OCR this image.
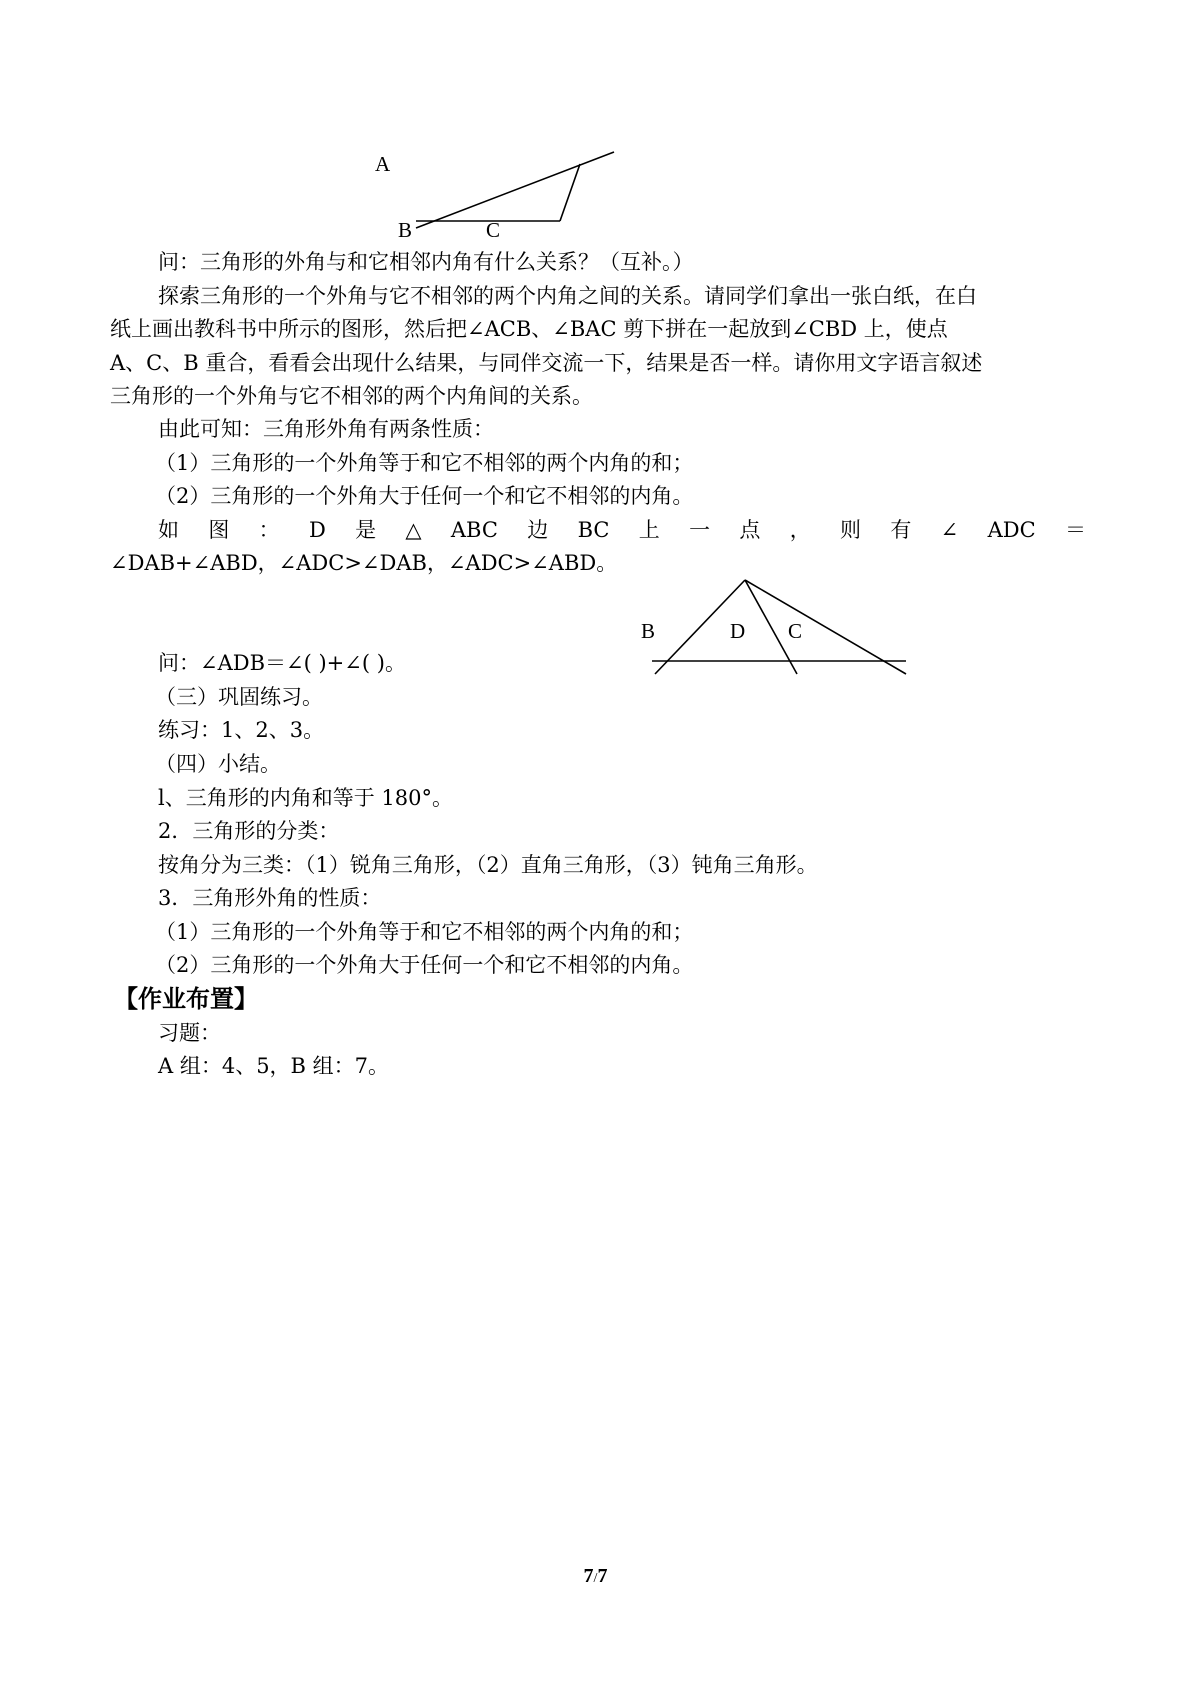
A
B	C
问：三角形的外角与和它相邻内角有什么关系？（互补。）
探索三角形的一个外角与它不相邻的两个内角之间的关系。请同学们拿出一张白纸，在白
纸上画出教科书中所示的图形，然后把∠ACB、∠BAC 剪下拼在一起放到∠CBD 上，使点
A、C、B 重合，看看会出现什么结果，与同伴交流一下，结果是否一样。请你用文字语言叙述
三角形的一个外角与它不相邻的两个内角间的关系。
由此可知：三角形外角有两条性质：
（1）三角形的一个外角等于和它不相邻的两个内角的和；
（2）三角形的一个外角大于任何一个和它不相邻的内角。
如 图 ： D 是 △ ABC 边 BC 上 一 点 ， 则 有 ∠ ADC ＝
∠DAB+∠ABD，∠ADC>∠DAB，∠ADC>∠ABD。
B	D C
问：∠ADB＝∠( )+∠( )。
（三）巩固练习。
练习：1、2、3。
（四）小结。
l、三角形的内角和等于 180°。
2．三角形的分类：
按角分为三类：（1）锐角三角形，（2）直角三角形，（3）钝角三角形。
3．三角形外角的性质：
（1）三角形的一个外角等于和它不相邻的两个内角的和；
（2）三角形的一个外角大于任何一个和它不相邻的内角。
【作业布置】
习题：
A 组：4、5，B 组：7。
7/7
